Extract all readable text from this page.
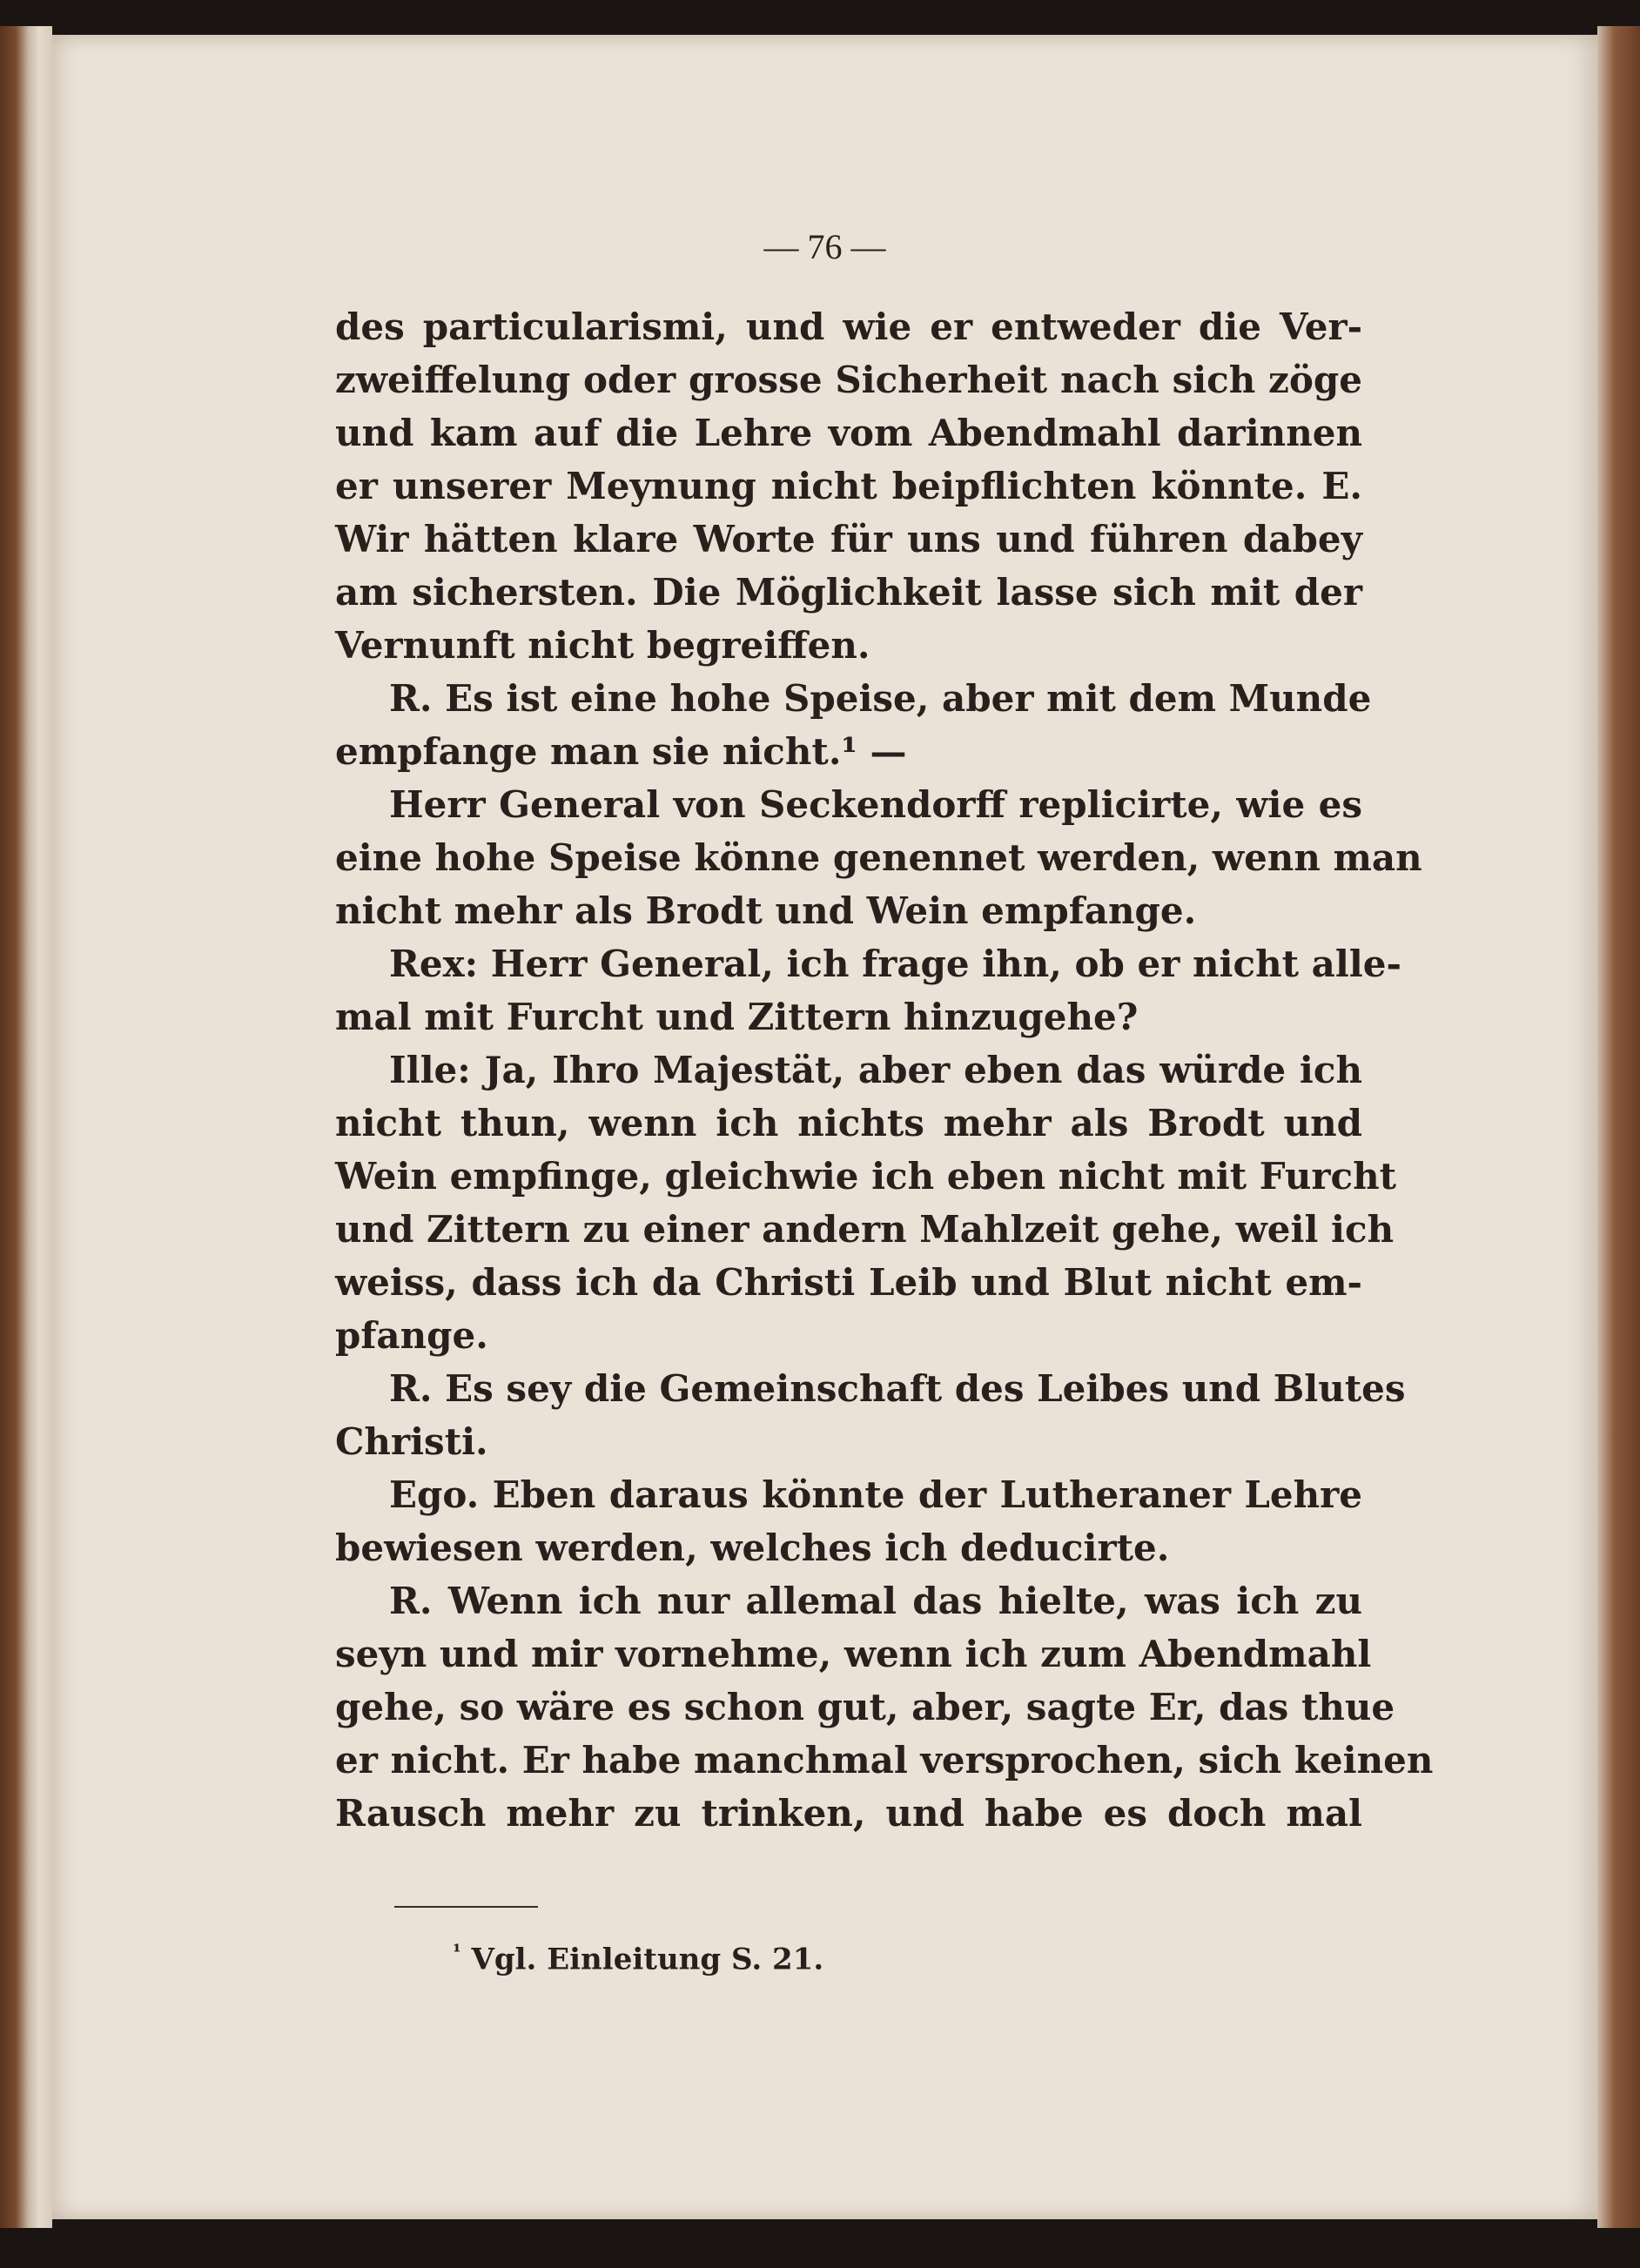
— 76 —
$^{^1}$ Vgl. Einleitung S. 21.
des particularismi, und wie er entweder die Ver-
zweiffelung oder grosse Sicherheit nach sich zöge
und kam auf die Lehre vom Abendmahl darinnen
er unserer Meynung nicht beipflichten könnte. E.
Wir hätten klare Worte für uns und führen dabey
am sichersten. Die Möglichkeit lasse sich mit der
Vernunft nicht begreiffen.
R. Es ist eine hohe Speise, aber mit dem Munde
empfange man sie nicht.¹ —
Herr General von Seckendorff replicirte, wie es
eine hohe Speise könne genennet werden, wenn man
nicht mehr als Brodt und Wein empfange.
Rex: Herr General, ich frage ihn, ob er nicht alle-
mal mit Furcht und Zittern hinzugehe?
Ille: Ja, Ihro Majestät, aber eben das würde ich
nicht thun, wenn ich nichts mehr als Brodt und
Wein empfinge, gleichwie ich eben nicht mit Furcht
und Zittern zu einer andern Mahlzeit gehe, weil ich
weiss, dass ich da Christi Leib und Blut nicht em-
pfange.
R. Es sey die Gemeinschaft des Leibes und Blutes
Christi.
Ego. Eben daraus könnte der Lutheraner Lehre
bewiesen werden, welches ich deducirte.
R. Wenn ich nur allemal das hielte, was ich zu
seyn und mir vornehme, wenn ich zum Abendmahl
gehe, so wäre es schon gut, aber, sagte Er, das thue
er nicht. Er habe manchmal versprochen, sich keinen
Rausch mehr zu trinken, und habe es doch mal
